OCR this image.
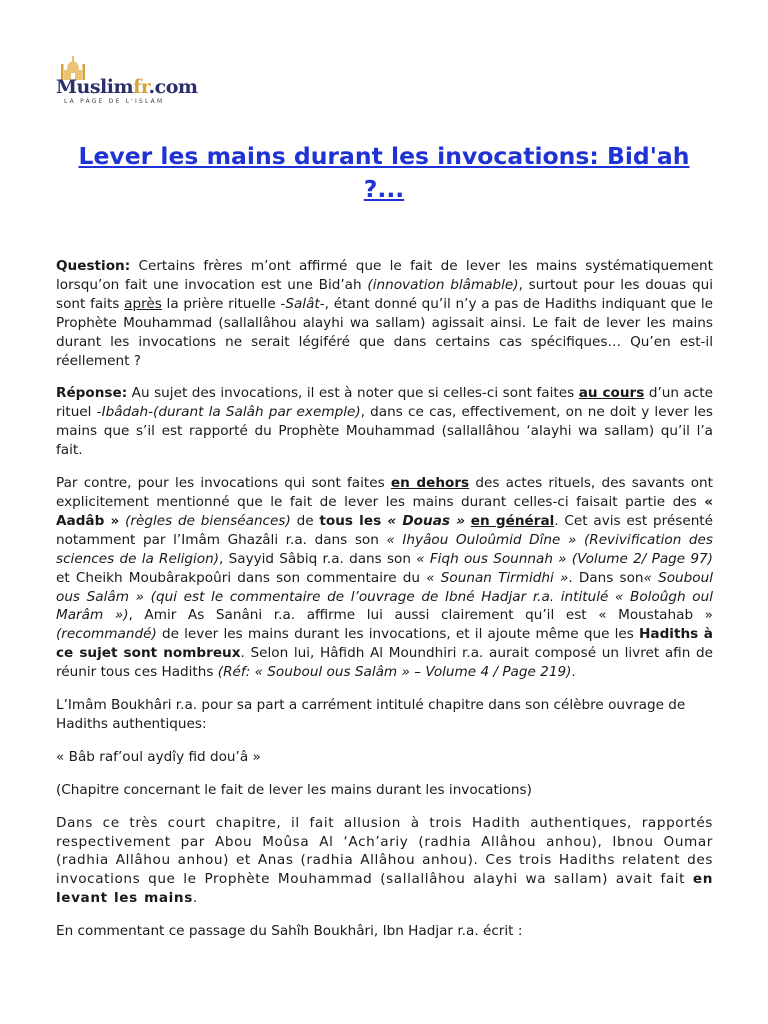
Muslimfr.com
LA PAGE DE L'ISLAM
Lever les mains durant les invocations: Bid'ah ?...

Question: Certains frères m’ont affirmé que le fait de lever les mains systématiquement lorsqu’on fait une invocation est une Bid’ah (innovation blâmable), surtout pour les douas qui sont faits après la prière rituelle -Salât-, étant donné qu’il n’y a pas de Hadiths indiquant que le Prophète Mouhammad (sallallâhou alayhi wa sallam) agissait ainsi. Le fait de lever les mains durant les invocations ne serait légiféré que dans certains cas spécifiques… Qu’en est-il réellement ?

Réponse: Au sujet des invocations, il est à noter que si celles-ci sont faites au cours d’un acte rituel -Ibâdah-(durant la Salâh par exemple), dans ce cas, effectivement, on ne doit y lever les mains que s’il est rapporté du Prophète Mouhammad (sallallâhou ‘alayhi wa sallam) qu’il l’a fait.

Par contre, pour les invocations qui sont faites en dehors des actes rituels, des savants ont explicitement mentionné que le fait de lever les mains durant celles-ci faisait partie des « Aadâb » (règles de bienséances) de tous les « Douas » en général. Cet avis est présenté notamment par l’Imâm Ghazâli r.a. dans son « Ihyâou Ouloûmid Dîne » (Revivification des sciences de la Religion), Sayyid Sâbiq r.a. dans son « Fiqh ous Sounnah » (Volume 2/ Page 97) et Cheikh Moubârakpoûri dans son commentaire du « Sounan Tirmidhi ». Dans son« Souboul ous Salâm » (qui est le commentaire de l’ouvrage de Ibné Hadjar r.a. intitulé « Boloûgh oul Marâm »), Amir As Sanâni r.a. affirme lui aussi clairement qu’il est « Moustahab » (recommandé) de lever les mains durant les invocations, et il ajoute même que les Hadiths à ce sujet sont nombreux. Selon lui, Hâfidh Al Moundhiri r.a. aurait composé un livret afin de réunir tous ces Hadiths (Réf: « Souboul ous Salâm » – Volume 4 / Page 219).

L’Imâm Boukhâri r.a. pour sa part a carrément intitulé chapitre dans son célèbre ouvrage de Hadiths authentiques:

« Bâb raf’oul aydîy fid dou’â »

(Chapitre concernant le fait de lever les mains durant les invocations)

Dans ce très court chapitre, il fait allusion à trois Hadith authentiques, rapportés respectivement par Abou Moûsa Al ‘Ach’ariy (radhia Allâhou anhou), Ibnou Oumar (radhia Allâhou anhou) et Anas (radhia Allâhou anhou). Ces trois Hadiths relatent des invocations que le Prophète Mouhammad (sallallâhou alayhi wa sallam) avait fait en levant les mains.

En commentant ce passage du Sahîh Boukhâri, Ibn Hadjar r.a. écrit :
